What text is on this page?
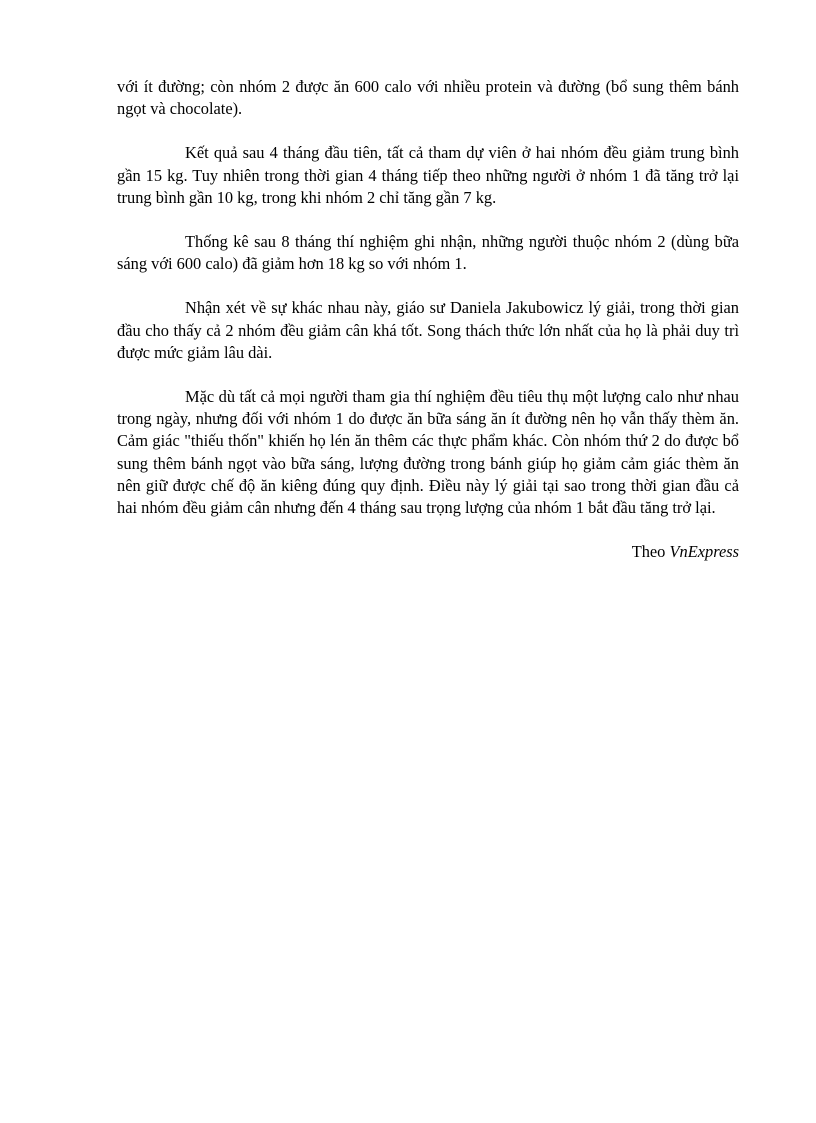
với ít đường; còn nhóm 2 được ăn 600 calo với nhiều protein và đường (bổ sung thêm bánh ngọt và chocolate).

Kết quả sau 4 tháng đầu tiên, tất cả tham dự viên ở hai nhóm đều giảm trung bình gần 15 kg. Tuy nhiên trong thời gian 4 tháng tiếp theo những người ở nhóm 1 đã tăng trở lại trung bình gần 10 kg, trong khi nhóm 2 chỉ tăng gần 7 kg.

Thống kê sau 8 tháng thí nghiệm ghi nhận, những người thuộc nhóm 2 (dùng bữa sáng với 600 calo) đã giảm hơn 18 kg so với nhóm 1.

Nhận xét về sự khác nhau này, giáo sư Daniela Jakubowicz lý giải, trong thời gian đầu cho thấy cả 2 nhóm đều giảm cân khá tốt. Song thách thức lớn nhất của họ là phải duy trì được mức giảm lâu dài.

Mặc dù tất cả mọi người tham gia thí nghiệm đều tiêu thụ một lượng calo như nhau trong ngày, nhưng đối với nhóm 1 do được ăn bữa sáng ăn ít đường nên họ vẫn thấy thèm ăn. Cảm giác "thiếu thốn" khiến họ lén ăn thêm các thực phẩm khác. Còn nhóm thứ 2 do được bổ sung thêm bánh ngọt vào bữa sáng, lượng đường trong bánh giúp họ giảm cảm giác thèm ăn nên giữ được chế độ ăn kiêng đúng quy định. Điều này lý giải tại sao trong thời gian đầu cả hai nhóm đều giảm cân nhưng đến 4 tháng sau trọng lượng của nhóm 1 bắt đầu tăng trở lại.

Theo VnExpress
